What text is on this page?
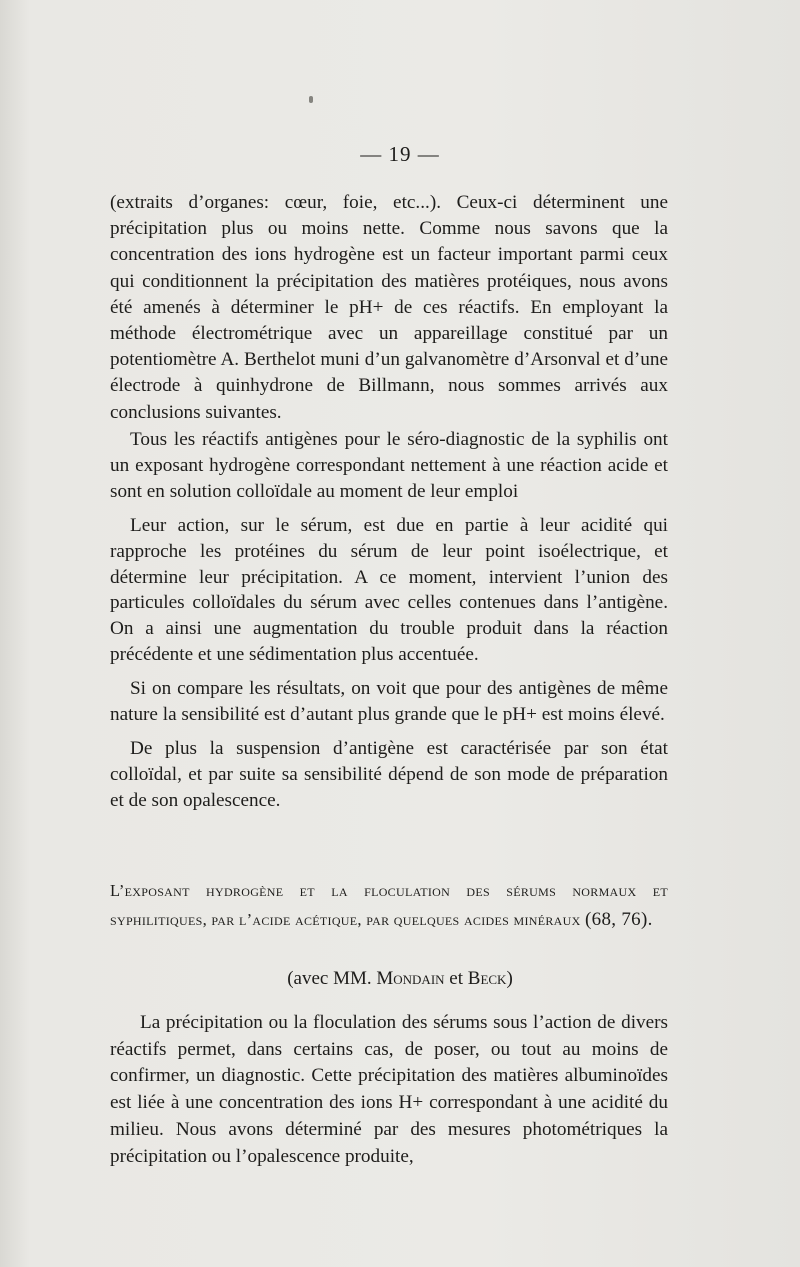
— 19 —

(extraits d’organes: cœur, foie, etc...). Ceux-ci déterminent une précipitation plus ou moins nette. Comme nous savons que la concentration des ions hydrogène est un facteur important parmi ceux qui conditionnent la précipitation des matières protéiques, nous avons été amenés à déterminer le pH+ de ces réactifs. En employant la méthode électrométrique avec un appareillage constitué par un potentiomètre A. Berthelot muni d’un galvanomètre d’Arsonval et d’une électrode à quinhydrone de Billmann, nous sommes arrivés aux conclusions suivantes.

Tous les réactifs antigènes pour le séro-diagnostic de la syphilis ont un exposant hydrogène correspondant nettement à une réaction acide et sont en solution colloïdale au moment de leur emploi

Leur action, sur le sérum, est due en partie à leur acidité qui rapproche les protéines du sérum de leur point isoélectrique, et détermine leur précipitation. A ce moment, intervient l’union des particules colloïdales du sérum avec celles contenues dans l’antigène. On a ainsi une augmentation du trouble produit dans la réaction précédente et une sédimentation plus accentuée.

Si on compare les résultats, on voit que pour des antigènes de même nature la sensibilité est d’autant plus grande que le pH+ est moins élevé.

De plus la suspension d’antigène est caractérisée par son état colloïdal, et par suite sa sensibilité dépend de son mode de préparation et de son opalescence.

L’exposant hydrogène et la floculation des sérums normaux et syphilitiques, par l’acide acétique, par quelques acides minéraux (68, 76).
(avec MM. Mondain et Beck)

La précipitation ou la floculation des sérums sous l’action de divers réactifs permet, dans certains cas, de poser, ou tout au moins de confirmer, un diagnostic. Cette précipitation des matières albuminoïdes est liée à une concentration des ions H+ correspondant à une acidité du milieu. Nous avons déterminé par des mesures photométriques la précipitation ou l’opalescence produite,
